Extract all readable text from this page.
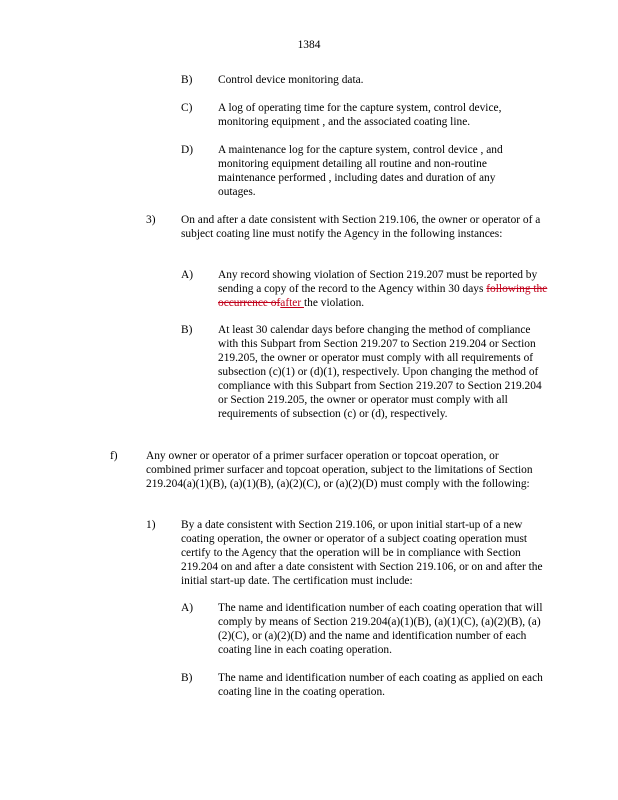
1384
B) Control device monitoring data.
C) A log of operating time for the capture system, control device, monitoring equipment , and the associated coating line.
D) A maintenance log for the capture system, control device , and monitoring equipment detailing all routine and non-routine maintenance performed , including dates and duration of any outages.
3) On and after a date consistent with Section 219.106, the owner or operator of a subject coating line must notify the Agency in the following instances:
A) Any record showing violation of Section 219.207 must be reported by sending a copy of the record to the Agency within 30 days following the occurrence ofafter the violation.
B) At least 30 calendar days before changing the method of compliance with this Subpart from Section 219.207 to Section 219.204 or Section 219.205, the owner or operator must comply with all requirements of subsection (c)(1) or (d)(1), respectively. Upon changing the method of compliance with this Subpart from Section 219.207 to Section 219.204 or Section 219.205, the owner or operator must comply with all requirements of subsection (c) or (d), respectively.
f) Any owner or operator of a primer surfacer operation or topcoat operation, or combined primer surfacer and topcoat operation, subject to the limitations of Section 219.204(a)(1)(B), (a)(1)(B), (a)(2)(C), or (a)(2)(D) must comply with the following:
1) By a date consistent with Section 219.106, or upon initial start-up of a new coating operation, the owner or operator of a subject coating operation must certify to the Agency that the operation will be in compliance with Section 219.204 on and after a date consistent with Section 219.106, or on and after the initial start-up date. The certification must include:
A) The name and identification number of each coating operation that will comply by means of Section 219.204(a)(1)(B), (a)(1)(C), (a)(2)(B), (a)(2)(C), or (a)(2)(D) and the name and identification number of each coating line in each coating operation.
B) The name and identification number of each coating as applied on each coating line in the coating operation.
